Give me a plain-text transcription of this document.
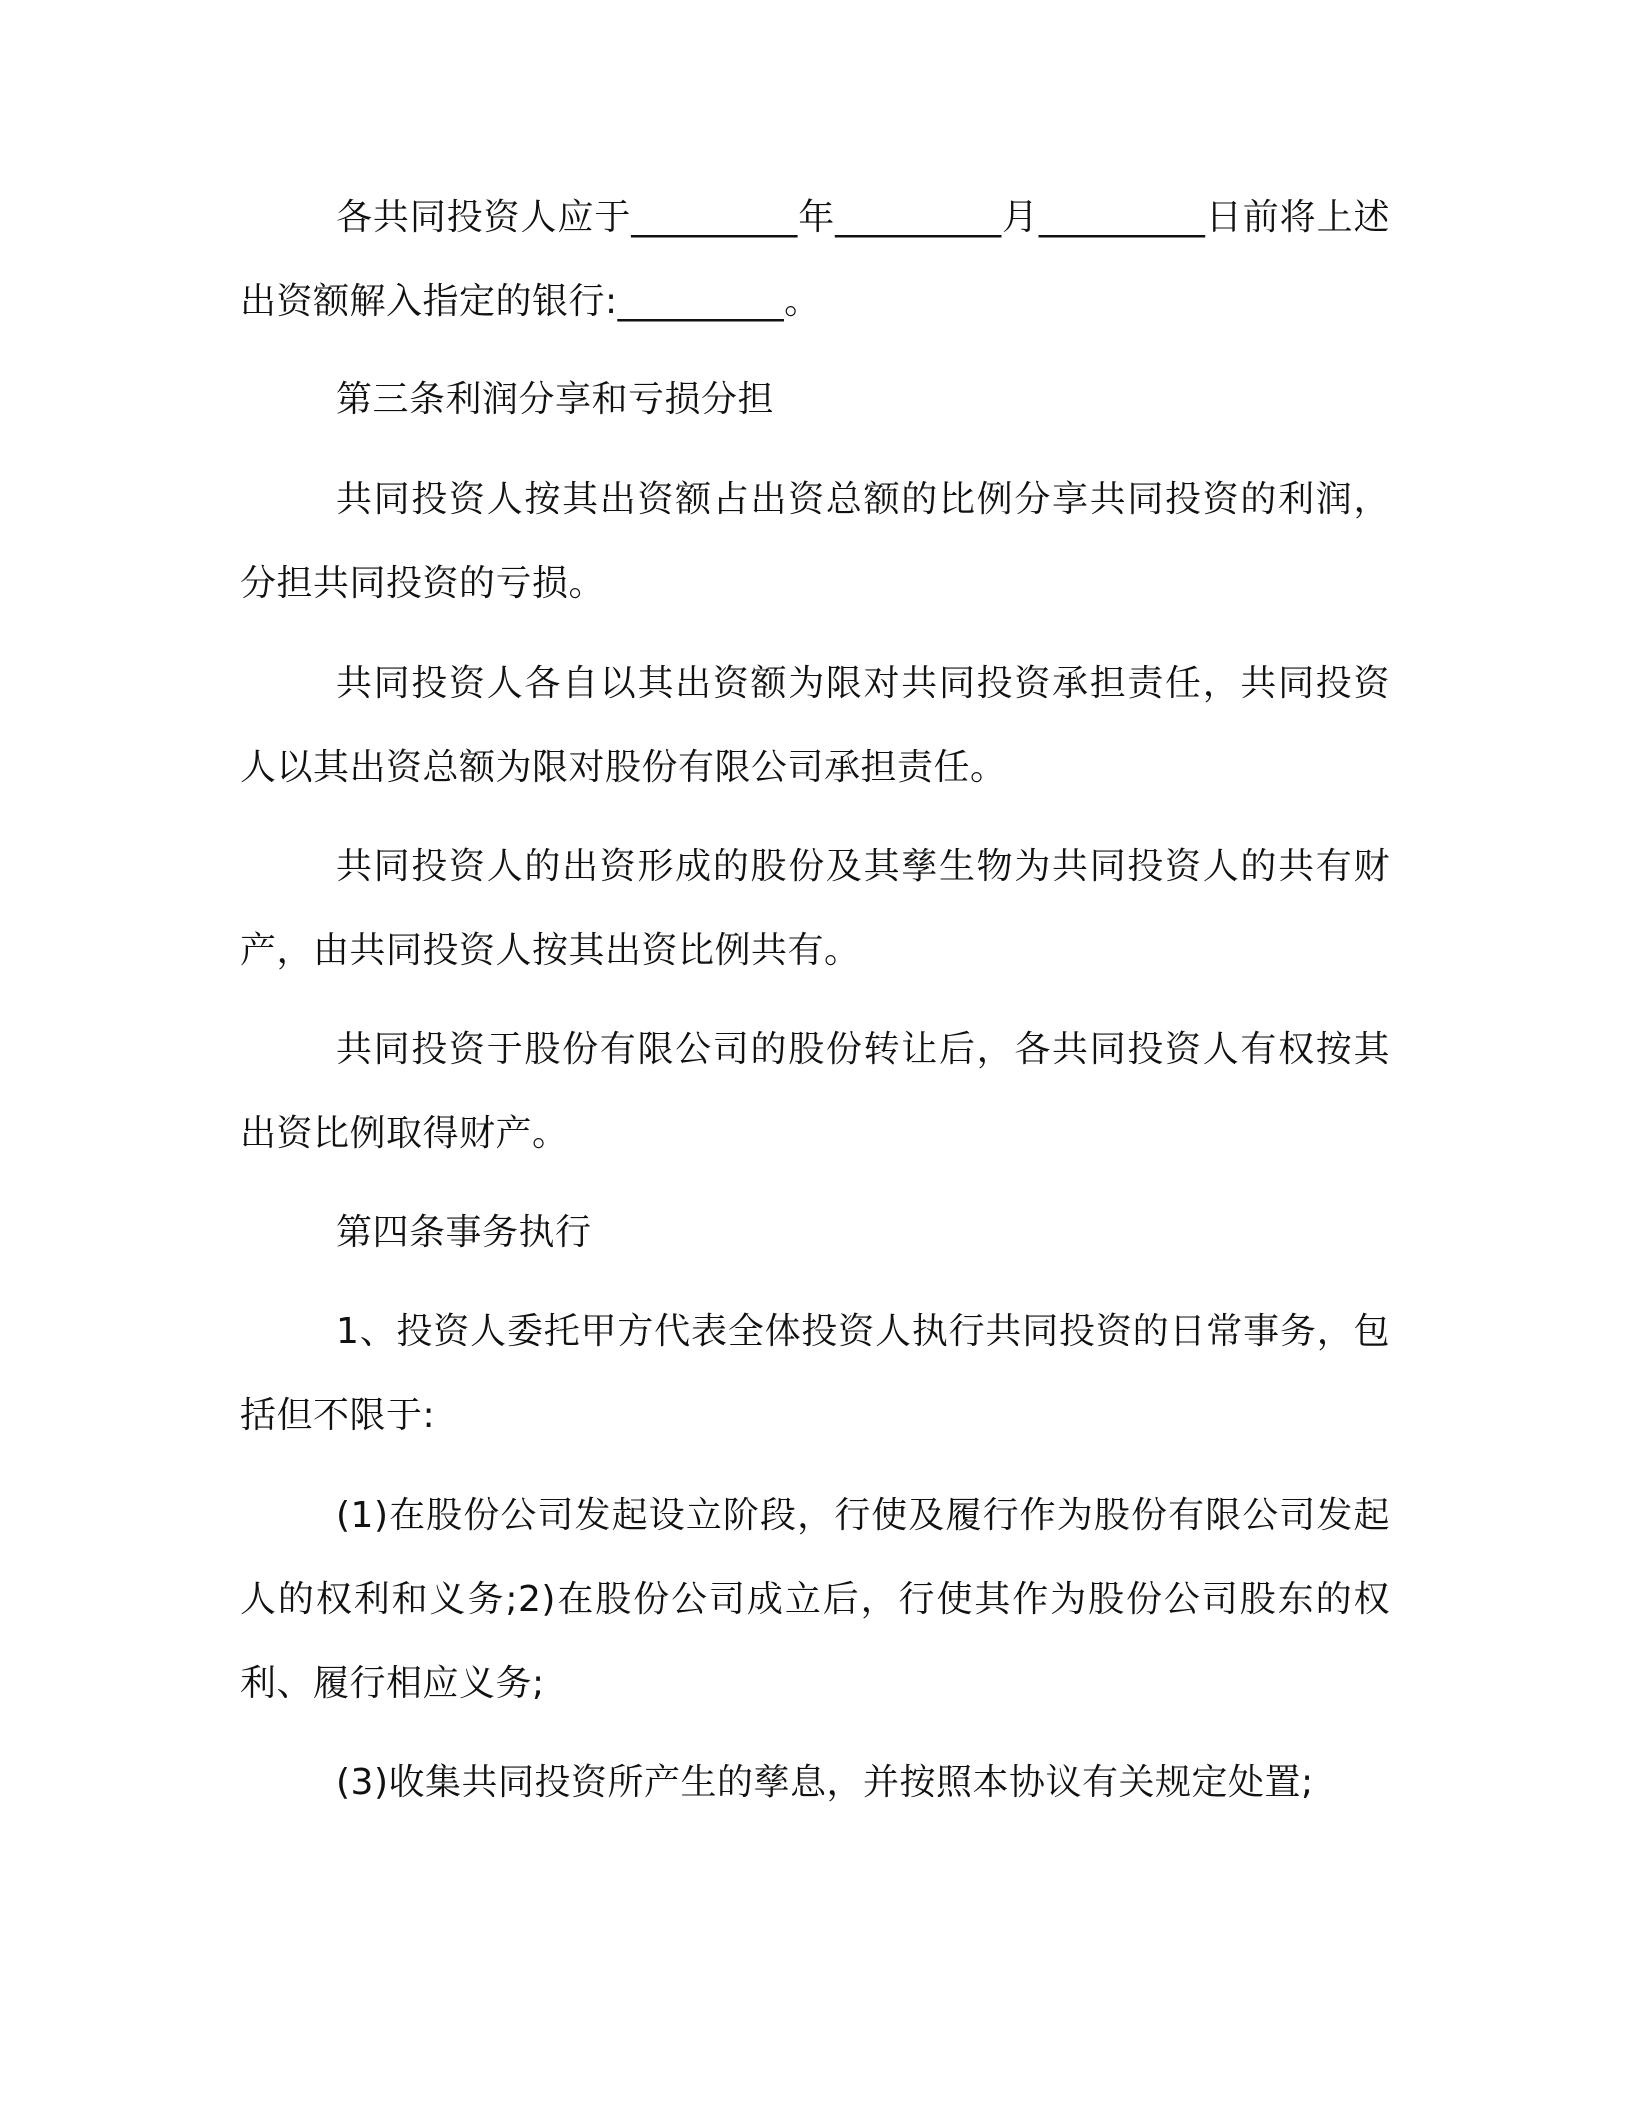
各共同投资人应于_________年_________月_________日前将上述出资额解入指定的银行:_________。

第三条利润分享和亏损分担

共同投资人按其出资额占出资总额的比例分享共同投资的利润，分担共同投资的亏损。

共同投资人各自以其出资额为限对共同投资承担责任，共同投资人以其出资总额为限对股份有限公司承担责任。

共同投资人的出资形成的股份及其孳生物为共同投资人的共有财产，由共同投资人按其出资比例共有。

共同投资于股份有限公司的股份转让后，各共同投资人有权按其出资比例取得财产。

第四条事务执行

1、投资人委托甲方代表全体投资人执行共同投资的日常事务，包括但不限于:

(1)在股份公司发起设立阶段，行使及履行作为股份有限公司发起人的权利和义务;2)在股份公司成立后，行使其作为股份公司股东的权利、履行相应义务;

(3)收集共同投资所产生的孳息，并按照本协议有关规定处置;
